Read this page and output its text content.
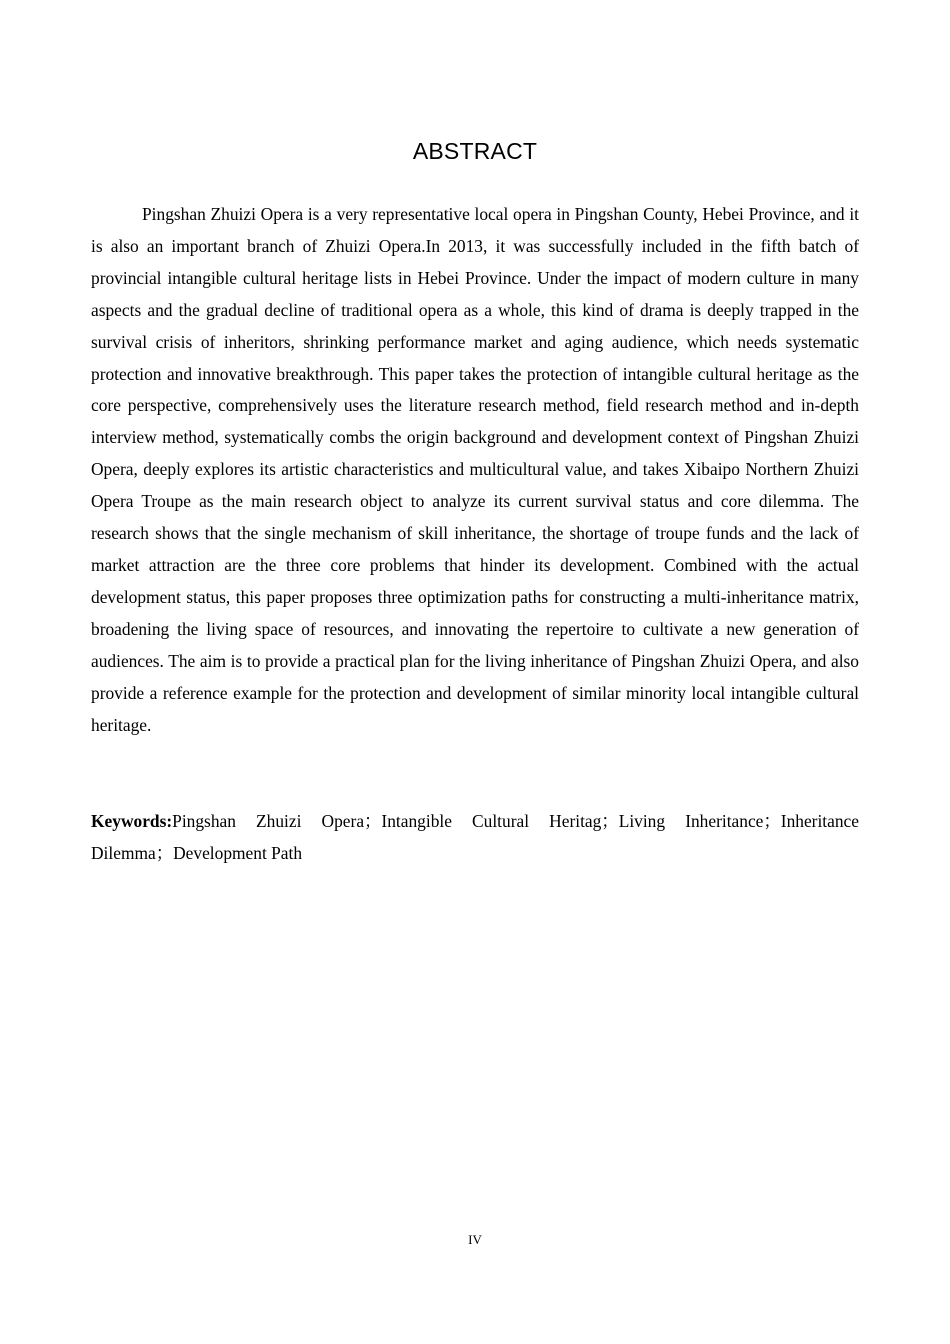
ABSTRACT

Pingshan Zhuizi Opera is a very representative local opera in Pingshan County, Hebei Province, and it is also an important branch of Zhuizi Opera.In 2013, it was successfully included in the fifth batch of provincial intangible cultural heritage lists in Hebei Province. Under the impact of modern culture in many aspects and the gradual decline of traditional opera as a whole, this kind of drama is deeply trapped in the survival crisis of inheritors, shrinking performance market and aging audience, which needs systematic protection and innovative breakthrough. This paper takes the protection of intangible cultural heritage as the core perspective, comprehensively uses the literature research method, field research method and in-depth interview method, systematically combs the origin background and development context of Pingshan Zhuizi Opera, deeply explores its artistic characteristics and multicultural value, and takes Xibaipo Northern Zhuizi Opera Troupe as the main research object to analyze its current survival status and core dilemma. The research shows that the single mechanism of skill inheritance, the shortage of troupe funds and the lack of market attraction are the three core problems that hinder its development. Combined with the actual development status, this paper proposes three optimization paths for constructing a multi-inheritance matrix, broadening the living space of resources, and innovating the repertoire to cultivate a new generation of audiences. The aim is to provide a practical plan for the living inheritance of Pingshan Zhuizi Opera, and also provide a reference example for the protection and development of similar minority local intangible cultural heritage.

Keywords:Pingshan Zhuizi Opera；Intangible Cultural Heritag；Living Inheritance；Inheritance Dilemma；Development Path

IV
